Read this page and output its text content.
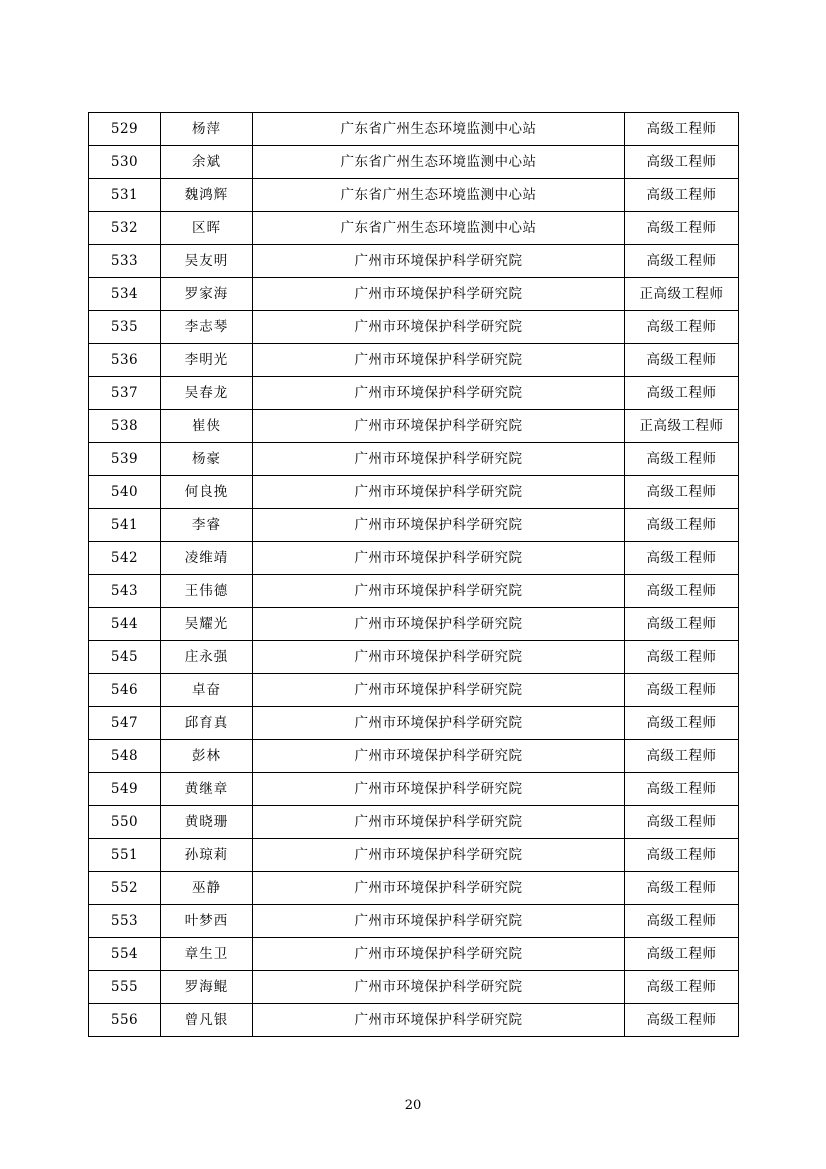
529	杨萍	广东省广州生态环境监测中心站	高级工程师
530	余斌	广东省广州生态环境监测中心站	高级工程师
531	魏鸿辉	广东省广州生态环境监测中心站	高级工程师
532	区晖	广东省广州生态环境监测中心站	高级工程师
533	吴友明	广州市环境保护科学研究院	高级工程师
534	罗家海	广州市环境保护科学研究院	正高级工程师
535	李志琴	广州市环境保护科学研究院	高级工程师
536	李明光	广州市环境保护科学研究院	高级工程师
537	吴春龙	广州市环境保护科学研究院	高级工程师
538	崔侠	广州市环境保护科学研究院	正高级工程师
539	杨豪	广州市环境保护科学研究院	高级工程师
540	何良挽	广州市环境保护科学研究院	高级工程师
541	李睿	广州市环境保护科学研究院	高级工程师
542	凌维靖	广州市环境保护科学研究院	高级工程师
543	王伟德	广州市环境保护科学研究院	高级工程师
544	吴耀光	广州市环境保护科学研究院	高级工程师
545	庄永强	广州市环境保护科学研究院	高级工程师
546	卓奋	广州市环境保护科学研究院	高级工程师
547	邱育真	广州市环境保护科学研究院	高级工程师
548	彭林	广州市环境保护科学研究院	高级工程师
549	黄继章	广州市环境保护科学研究院	高级工程师
550	黄晓珊	广州市环境保护科学研究院	高级工程师
551	孙琼莉	广州市环境保护科学研究院	高级工程师
552	巫静	广州市环境保护科学研究院	高级工程师
553	叶梦西	广州市环境保护科学研究院	高级工程师
554	章生卫	广州市环境保护科学研究院	高级工程师
555	罗海鲲	广州市环境保护科学研究院	高级工程师
556	曾凡银	广州市环境保护科学研究院	高级工程师
20
